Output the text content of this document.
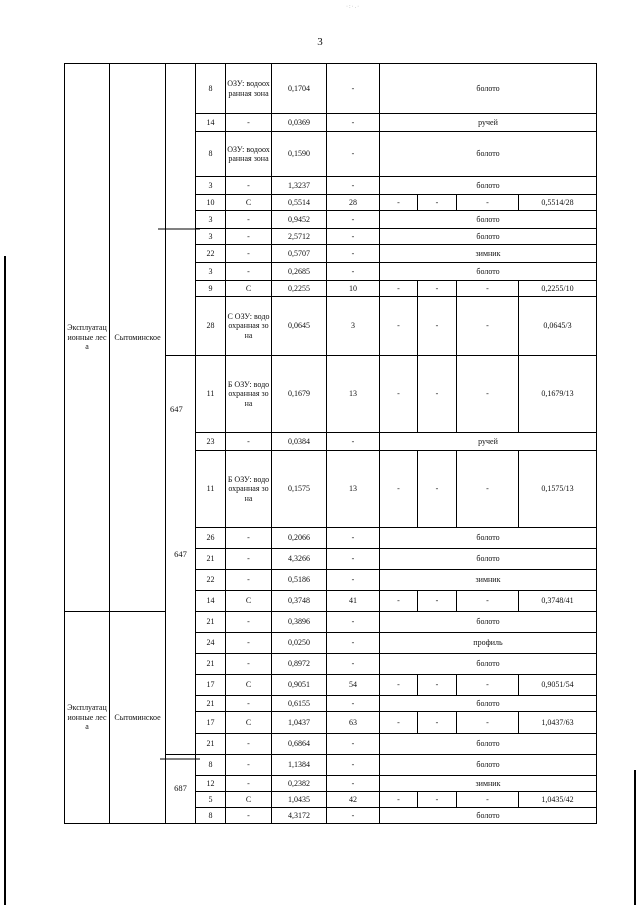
·:·.·
3
Эксплуатационные леса	Сытоминское		8	ОЗУ: водоохранная зона	0,1704	-	болото			
			14	-	0,0369	-	ручей			
			8	ОЗУ: водоохранная зона	0,1590	-	болото			
			3	-	1,3237	-	болото			
			10	С	0,5514	28	-	-	-	0,5514/28
			3	-	0,9452	-	болото			
			3	-	2,5712	-	болото			
			22	-	0,5707	-	зимник			
			3	-	0,2685	-	болото			
			9	С	0,2255	10	-	-	-	0,2255/10
			28	С ОЗУ: водоохранная зона	0,0645	3	-	-	-	0,0645/3
		647	11	Б ОЗУ: водоохранная зона	0,1679	13	-	-	-	0,1679/13
			23	-	0,0384	-	ручей			
			11	Б ОЗУ: водоохранная зона	0,1575	13	-	-	-	0,1575/13
			26	-	0,2066	-	болото			
			21	-	4,3266	-	болото			
			22	-	0,5186	-	зимник			
			14	С	0,3748	41	-	-	-	0,3748/41
Эксплуатационные леса	Сытоминское		21	-	0,3896	-	болото			
			24	-	0,0250	-	профиль			
			21	-	0,8972	-	болото			
			17	С	0,9051	54	-	-	-	0,9051/54
			21	-	0,6155	-	болото			
			17	С	1,0437	63	-	-	-	1,0437/63
			21	-	0,6864	-	болото			
		687	8	-	1,1384	-	болото			
			12	-	0,2382	-	зимник			
			5	С	1,0435	42	-	-	-	1,0435/42
			8	-	4,3172	-	болото			
647
